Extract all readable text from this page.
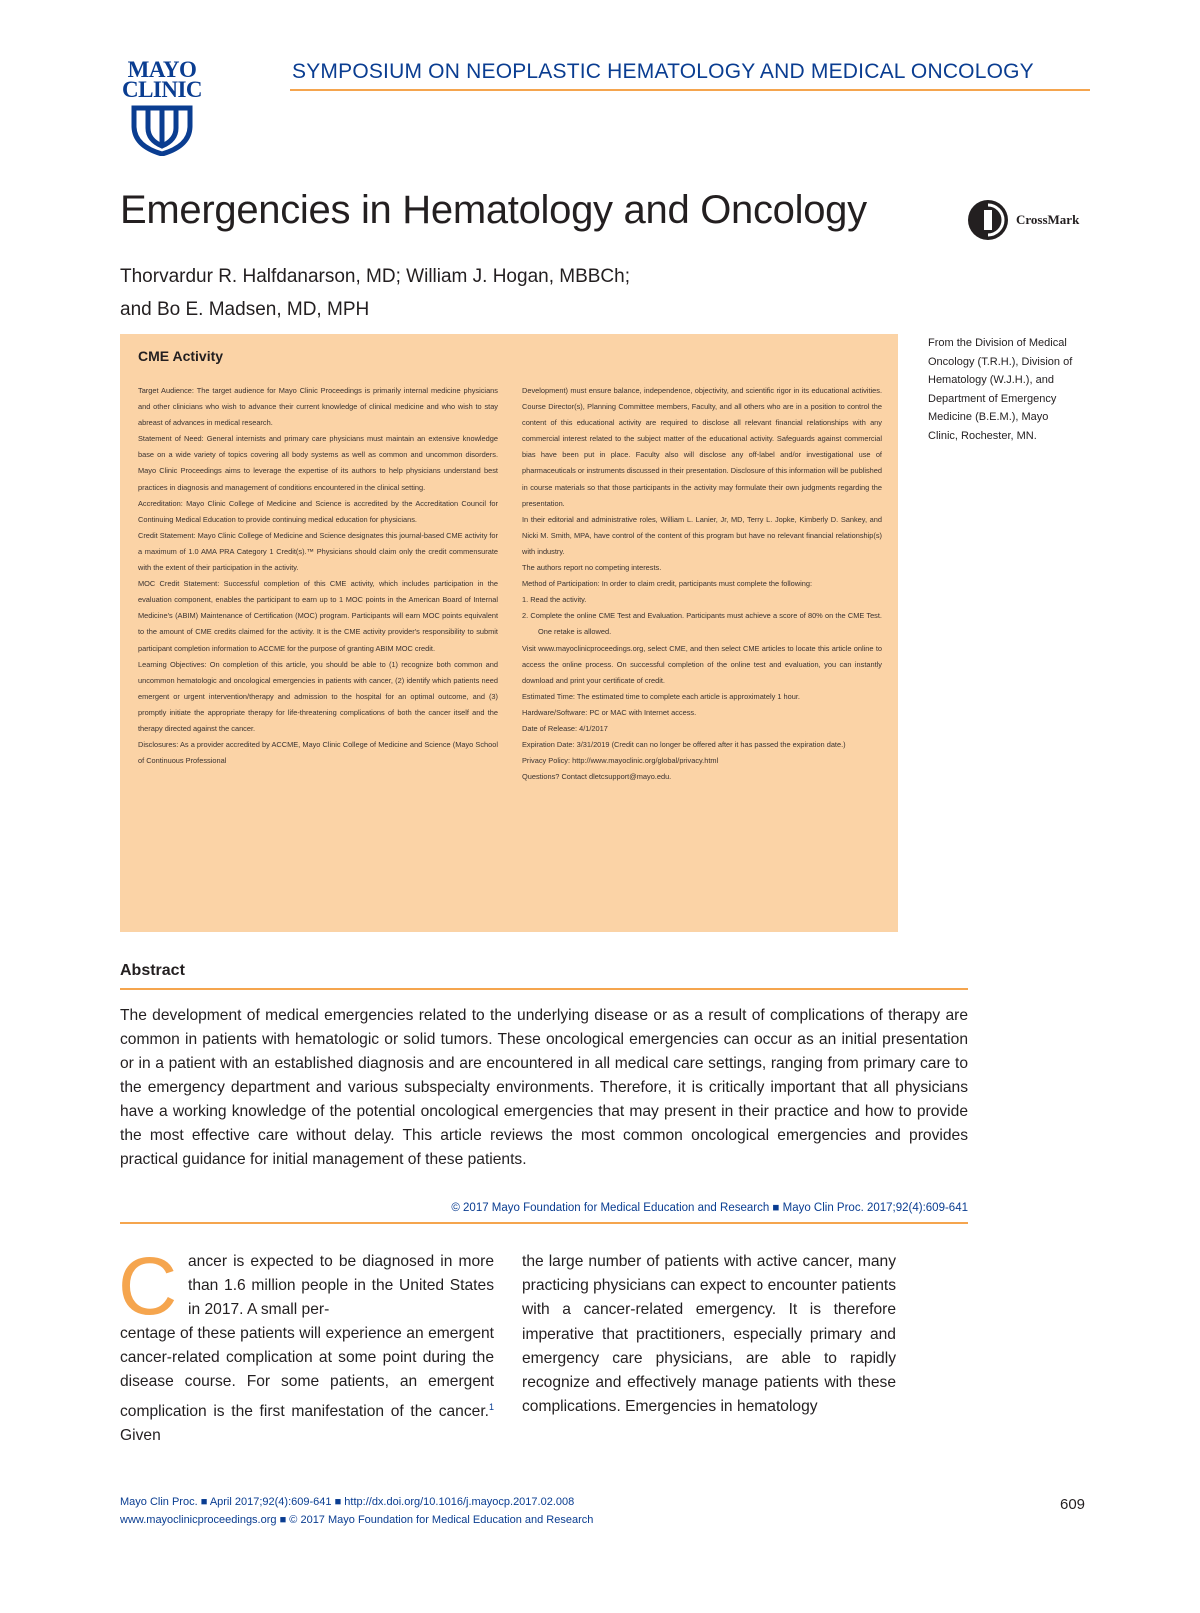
MAYO
CLINIC
SYMPOSIUM ON NEOPLASTIC HEMATOLOGY AND MEDICAL ONCOLOGY
Emergencies in Hematology and Oncology	CrossMark
Thorvardur R. Halfdanarson, MD; William J. Hogan, MBBCh;
and Bo E. Madsen, MD, MPH
From the Division of Medical Oncology (T.R.H.), Division of Hematology (W.J.H.), and Department of Emergency Medicine (B.E.M.), Mayo Clinic, Rochester, MN.
CME Activity

Target Audience: The target audience for Mayo Clinic Proceedings is primarily internal medicine physicians and other clinicians who wish to advance their current knowledge of clinical medicine and who wish to stay abreast of advances in medical research.

Statement of Need: General internists and primary care physicians must maintain an extensive knowledge base on a wide variety of topics covering all body systems as well as common and uncommon disorders. Mayo Clinic Proceedings aims to leverage the expertise of its authors to help physicians understand best practices in diagnosis and management of conditions encountered in the clinical setting.

Accreditation: Mayo Clinic College of Medicine and Science is accredited by the Accreditation Council for Continuing Medical Education to provide continuing medical education for physicians.

Credit Statement: Mayo Clinic College of Medicine and Science designates this journal-based CME activity for a maximum of 1.0 AMA PRA Category 1 Credit(s).™ Physicians should claim only the credit commensurate with the extent of their participation in the activity.

MOC Credit Statement: Successful completion of this CME activity, which includes participation in the evaluation component, enables the participant to earn up to 1 MOC points in the American Board of Internal Medicine's (ABIM) Maintenance of Certification (MOC) program. Participants will earn MOC points equivalent to the amount of CME credits claimed for the activity. It is the CME activity provider's responsibility to submit participant completion information to ACCME for the purpose of granting ABIM MOC credit.

Learning Objectives: On completion of this article, you should be able to (1) recognize both common and uncommon hematologic and oncological emergencies in patients with cancer, (2) identify which patients need emergent or urgent intervention/therapy and admission to the hospital for an optimal outcome, and (3) promptly initiate the appropriate therapy for life-threatening complications of both the cancer itself and the therapy directed against the cancer.

Disclosures: As a provider accredited by ACCME, Mayo Clinic College of Medicine and Science (Mayo School of Continuous Professional

Development) must ensure balance, independence, objectivity, and scientific rigor in its educational activities. Course Director(s), Planning Committee members, Faculty, and all others who are in a position to control the content of this educational activity are required to disclose all relevant financial relationships with any commercial interest related to the subject matter of the educational activity. Safeguards against commercial bias have been put in place. Faculty also will disclose any off-label and/or investigational use of pharmaceuticals or instruments discussed in their presentation. Disclosure of this information will be published in course materials so that those participants in the activity may formulate their own judgments regarding the presentation.

In their editorial and administrative roles, William L. Lanier, Jr, MD, Terry L. Jopke, Kimberly D. Sankey, and Nicki M. Smith, MPA, have control of the content of this program but have no relevant financial relationship(s) with industry.

The authors report no competing interests.

Method of Participation: In order to claim credit, participants must complete the following:

1. Read the activity.

2. Complete the online CME Test and Evaluation. Participants must achieve a score of 80% on the CME Test. One retake is allowed.

Visit www.mayoclinicproceedings.org, select CME, and then select CME articles to locate this article online to access the online process. On successful completion of the online test and evaluation, you can instantly download and print your certificate of credit.

Estimated Time: The estimated time to complete each article is approximately 1 hour.

Hardware/Software: PC or MAC with Internet access.

Date of Release: 4/1/2017

Expiration Date: 3/31/2019 (Credit can no longer be offered after it has passed the expiration date.)

Privacy Policy: http://www.mayoclinic.org/global/privacy.html

Questions? Contact dletcsupport@mayo.edu.

Abstract
The development of medical emergencies related to the underlying disease or as a result of complications of therapy are common in patients with hematologic or solid tumors. These oncological emergencies can occur as an initial presentation or in a patient with an established diagnosis and are encountered in all medical care settings, ranging from primary care to the emergency department and various subspecialty environments. Therefore, it is critically important that all physicians have a working knowledge of the potential oncological emergencies that may present in their practice and how to provide the most effective care without delay. This article reviews the most common oncological emergencies and provides practical guidance for initial management of these patients.
© 2017 Mayo Foundation for Medical Education and Research ■ Mayo Clin Proc. 2017;92(4):609-641
C ancer is expected to be diagnosed in more than 1.6 million people in the United States in 2017. A small per-
centage of these patients will experience an emergent cancer-related complication at some point during the disease course. For some patients, an emergent complication is the first manifestation of the cancer.$^1$ Given
the large number of patients with active cancer, many practicing physicians can expect to encounter patients with a cancer-related emergency. It is therefore imperative that practitioners, especially primary and emergency care physicians, are able to rapidly recognize and effectively manage patients with these complications. Emergencies in hematology
Mayo Clin Proc. ■ April 2017;92(4):609-641 ■ http://dx.doi.org/10.1016/j.mayocp.2017.02.008
www.mayoclinicproceedings.org ■ © 2017 Mayo Foundation for Medical Education and Research
609
